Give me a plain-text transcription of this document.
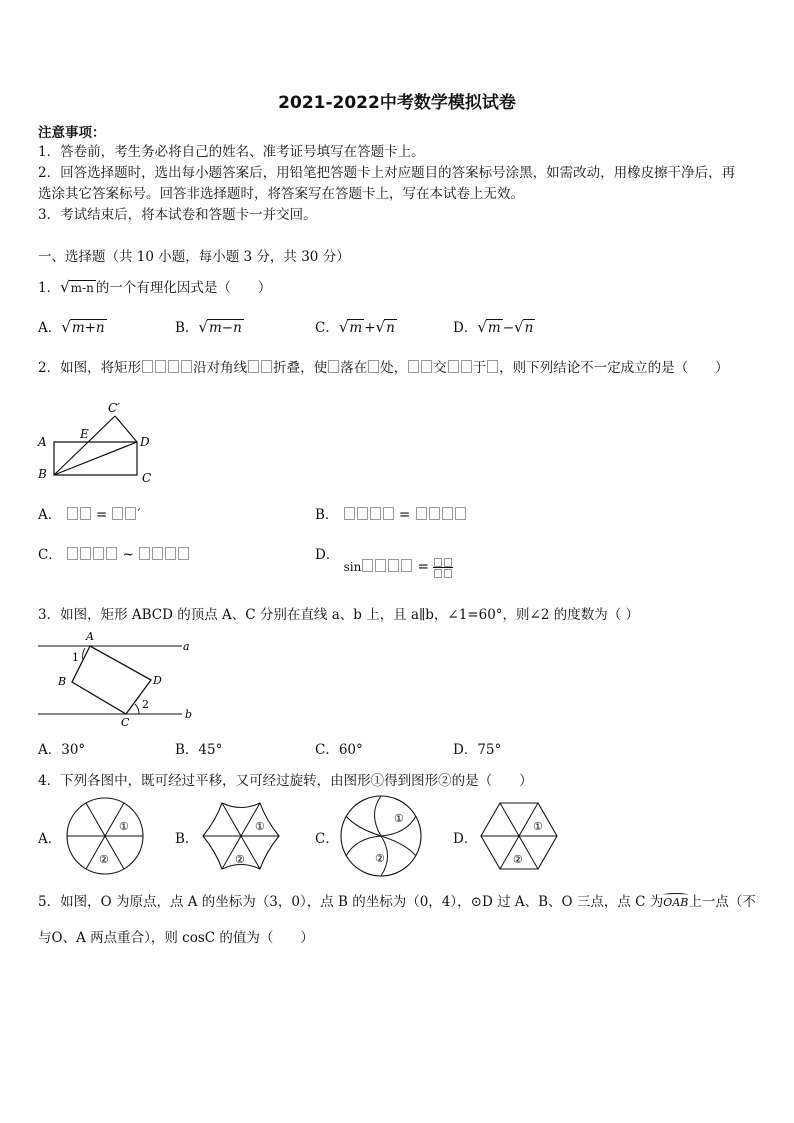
2021-2022中考数学模拟试卷
注意事项：
1．答卷前，考生务必将自己的姓名、准考证号填写在答题卡上。
2．回答选择题时，选出每小题答案后，用铅笔把答题卡上对应题目的答案标号涂黑，如需改动，用橡皮擦干净后，再
选涂其它答案标号。回答非选择题时，将答案写在答题卡上，写在本试卷上无效。
3．考试结束后，将本试卷和答题卡一并交回。
一、选择题（共 10 小题，每小题 3 分，共 30 分）
1．√m-n 的一个有理化因式是（　　）
A．√m+n	B．√m−n	C．√m +√n	D．√m −√n
2．如图，将矩形	沿对角线 折叠，使 落在 处， 交 于 ，则下列结论不一定成立的是（　　）
A
B	C
D
E
C′
A．	= ′	B．	=
C．	~	D． sin	=
3．如图，矩形 ABCD 的顶点 A、C 分别在直线 a、b 上，且 a∥b，∠1=60°，则∠2 的度数为（ ）
A
B
C
D
a
b
1
2
A．30°	B．45°	C．60°	D．75°
4．下列各图中，既可经过平移，又可经过旋转，由图形①得到图形②的是（　　）
A．
①
②
B．
①
②
C．
①
②
D．
①
②
5．如图，O 为原点，点 A 的坐标为（3，0），点 B 的坐标为（0，4），⊙D 过 A、B、O 三点，点 C 为
OAB上一点（不
与O、A 两点重合），则 cosC 的值为（　　）
